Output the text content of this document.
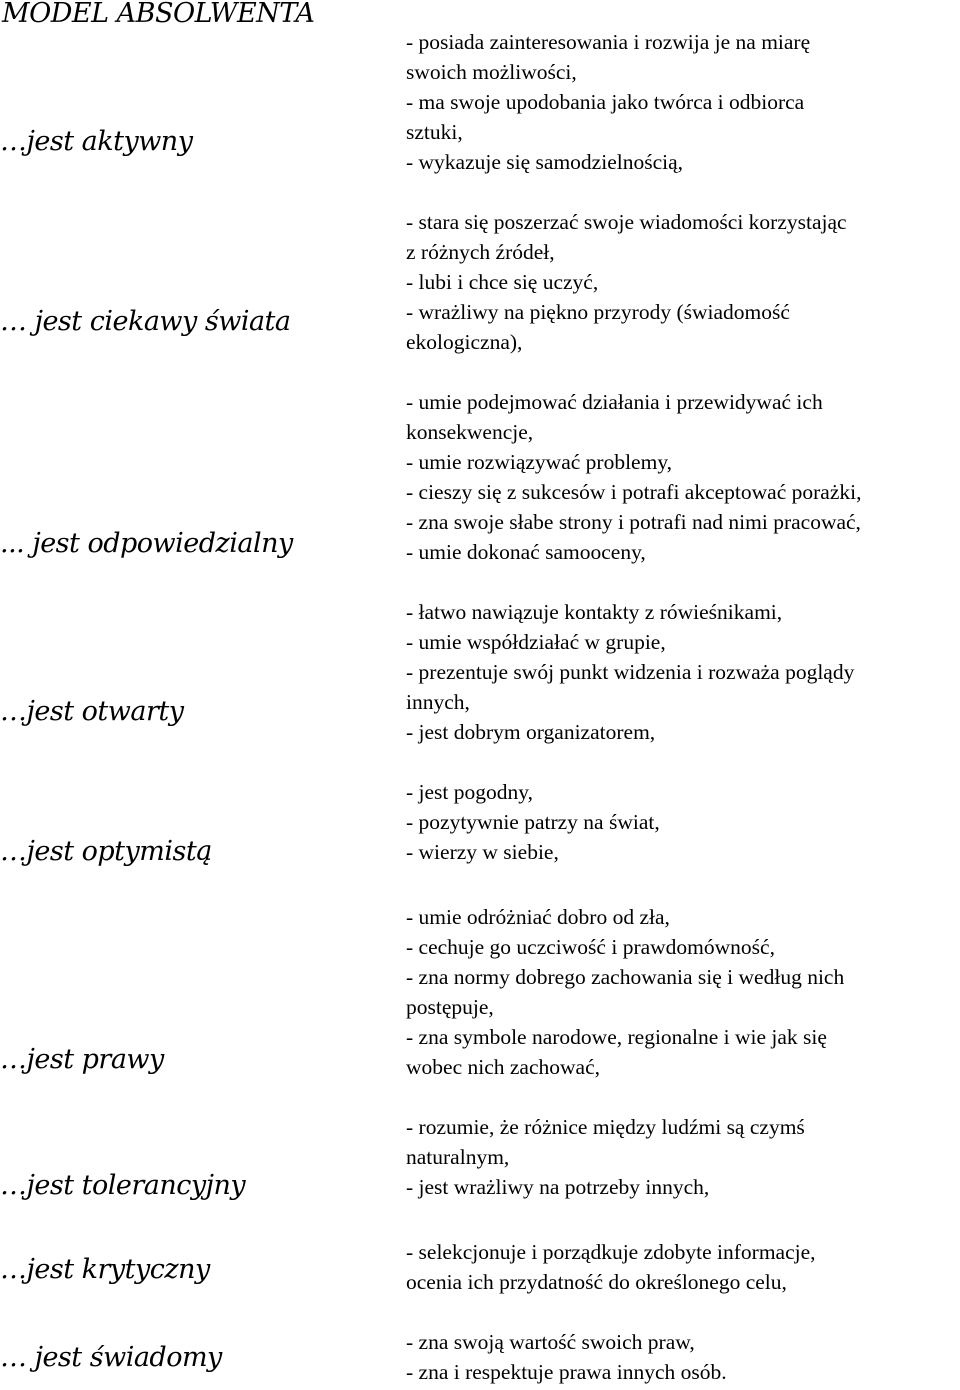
MODEL ABSOLWENTA
…jest aktywny
- posiada zainteresowania i rozwija je na miarę
swoich możliwości,
- ma swoje upodobania jako twórca i odbiorca
sztuki,
- wykazuje się samodzielnością,
… jest ciekawy świata
- stara się poszerzać swoje wiadomości korzystając
z różnych źródeł,
- lubi i chce się uczyć,
- wrażliwy na piękno przyrody (świadomość
ekologiczna),
... jest odpowiedzialny
- umie podejmować działania i przewidywać ich
konsekwencje,
- umie rozwiązywać problemy,
- cieszy się z sukcesów i potrafi akceptować porażki,
- zna swoje słabe strony i potrafi nad nimi pracować,
- umie dokonać samooceny,
…jest otwarty
- łatwo nawiązuje kontakty z rówieśnikami,
- umie współdziałać w grupie,
- prezentuje swój punkt widzenia i rozważa poglądy
innych,
- jest dobrym organizatorem,
…jest optymistą
- jest pogodny,
- pozytywnie patrzy na świat,
- wierzy w siebie,
…jest prawy
- umie odróżniać dobro od zła,
- cechuje go uczciwość i prawdomówność,
- zna normy dobrego zachowania się i według nich
postępuje,
- zna symbole narodowe, regionalne i wie jak się
wobec nich zachować,
…jest tolerancyjny
- rozumie, że różnice między ludźmi są czymś
naturalnym,
- jest wrażliwy na potrzeby innych,
…jest krytyczny
- selekcjonuje i porządkuje zdobyte informacje,
ocenia ich przydatność do określonego celu,
… jest świadomy	- zna swoją wartość swoich praw,
- zna i respektuje prawa innych osób.
